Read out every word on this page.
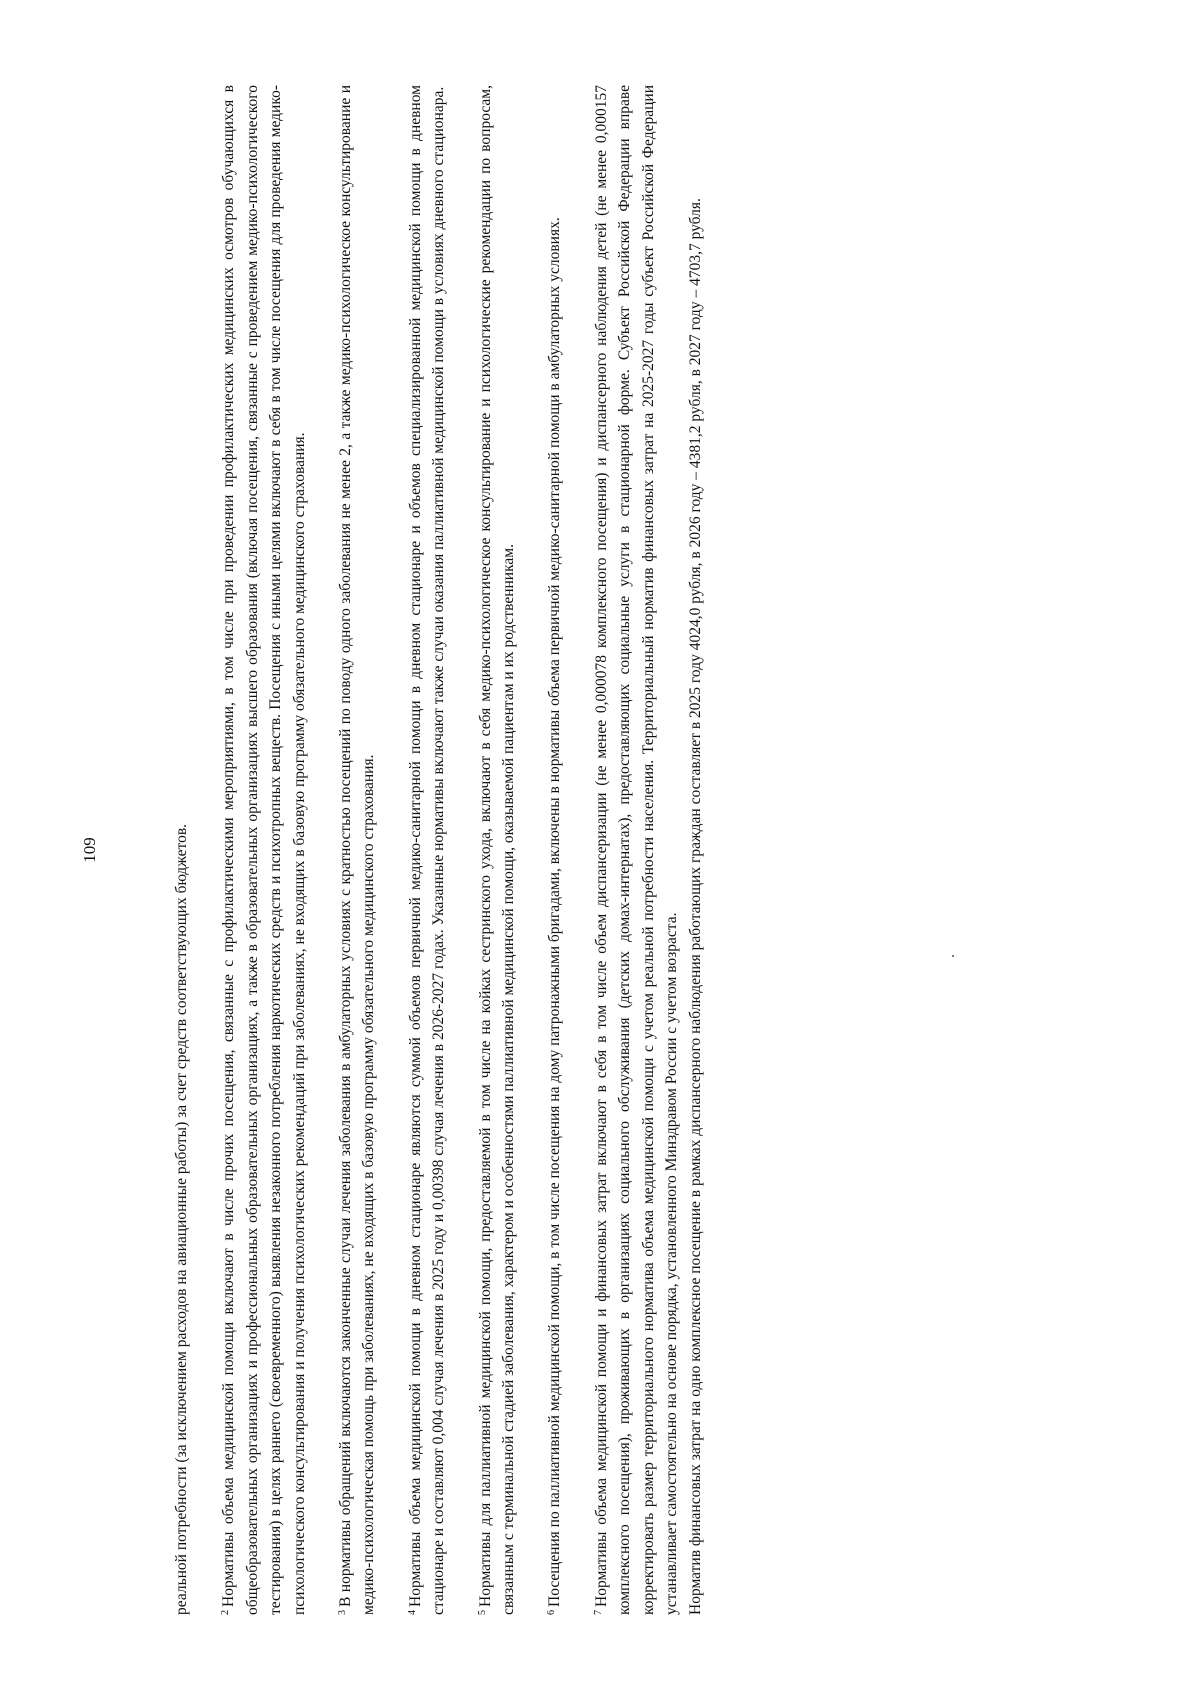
109	реальной потребности (за исключением расходов на авиационные работы) за счет средств соответствующих бюджетов.	$^2$Нормативы объема медицинской помощи включают в числе прочих посещения, связанные с профилактическими мероприятиями, в том числе при проведении профилактических медицинских осмотров обучающихся в общеобразовательных организациях и профессиональных образовательных организациях, а также в образовательных организациях высшего образования (включая посещения, связанные с проведением медико-психологического тестирования) в целях раннего (своевременного) выявления незаконного потребления наркотических средств и психотропных веществ. Посещения с иными целями включают в себя в том числе посещения для проведения медико-психологического консультирования и получения психологических рекомендаций при заболеваниях, не входящих в базовую программу обязательного медицинского страхования.	$^3$В нормативы обращений включаются законченные случаи лечения заболевания в амбулаторных условиях с кратностью посещений по поводу одного заболевания не менее 2, а также медико-психологическое консультирование и медико-психологическая помощь при заболеваниях, не входящих в базовую программу обязательного медицинского страхования.	$^4$Нормативы объема медицинской помощи в дневном стационаре являются суммой объемов первичной медико-санитарной помощи в дневном стационаре и объемов специализированной медицинской помощи в дневном стационаре и составляют 0,004 случая лечения в 2025 году и 0,00398 случая лечения в 2026-2027 годах. Указанные нормативы включают также случаи оказания паллиативной медицинской помощи в условиях дневного стационара.	$^5$Нормативы для паллиативной медицинской помощи, предоставляемой в том числе на койках сестринского ухода, включают в себя медико-психологическое консультирование и психологические рекомендации по вопросам, связанным с терминальной стадией заболевания, характером и особенностями паллиативной медицинской помощи, оказываемой пациентам и их родственникам.	$^6$Посещения по паллиативной медицинской помощи, в том числе посещения на дому патронажными бригадами, включены в нормативы объема первичной медико-санитарной помощи в амбулаторных условиях.

$^7$Нормативы объема медицинской помощи и финансовых затрат включают в себя в том числе объем диспансеризации (не менее 0,000078 комплексного посещения) и диспансерного наблюдения детей (не менее 0,000157 комплексного посещения), проживающих в организациях социального обслуживания (детских домах-интернатах), предоставляющих социальные услуги в стационарной форме. Субъект Российской Федерации вправе корректировать размер территориального норматива объема медицинской помощи с учетом реальной потребности населения. Территориальный норматив финансовых затрат на 2025-2027 годы субъект Российской Федерации устанавливает самостоятельно на основе порядка, установленного Минздравом России с учетом возраста. Норматив финансовых затрат на одно комплексное посещение в рамках диспансерного наблюдения работающих граждан составляет в 2025 году 4024,0 рубля, в 2026 году – 4381,2 рубля, в 2027 году – 4703,7 рубля.
